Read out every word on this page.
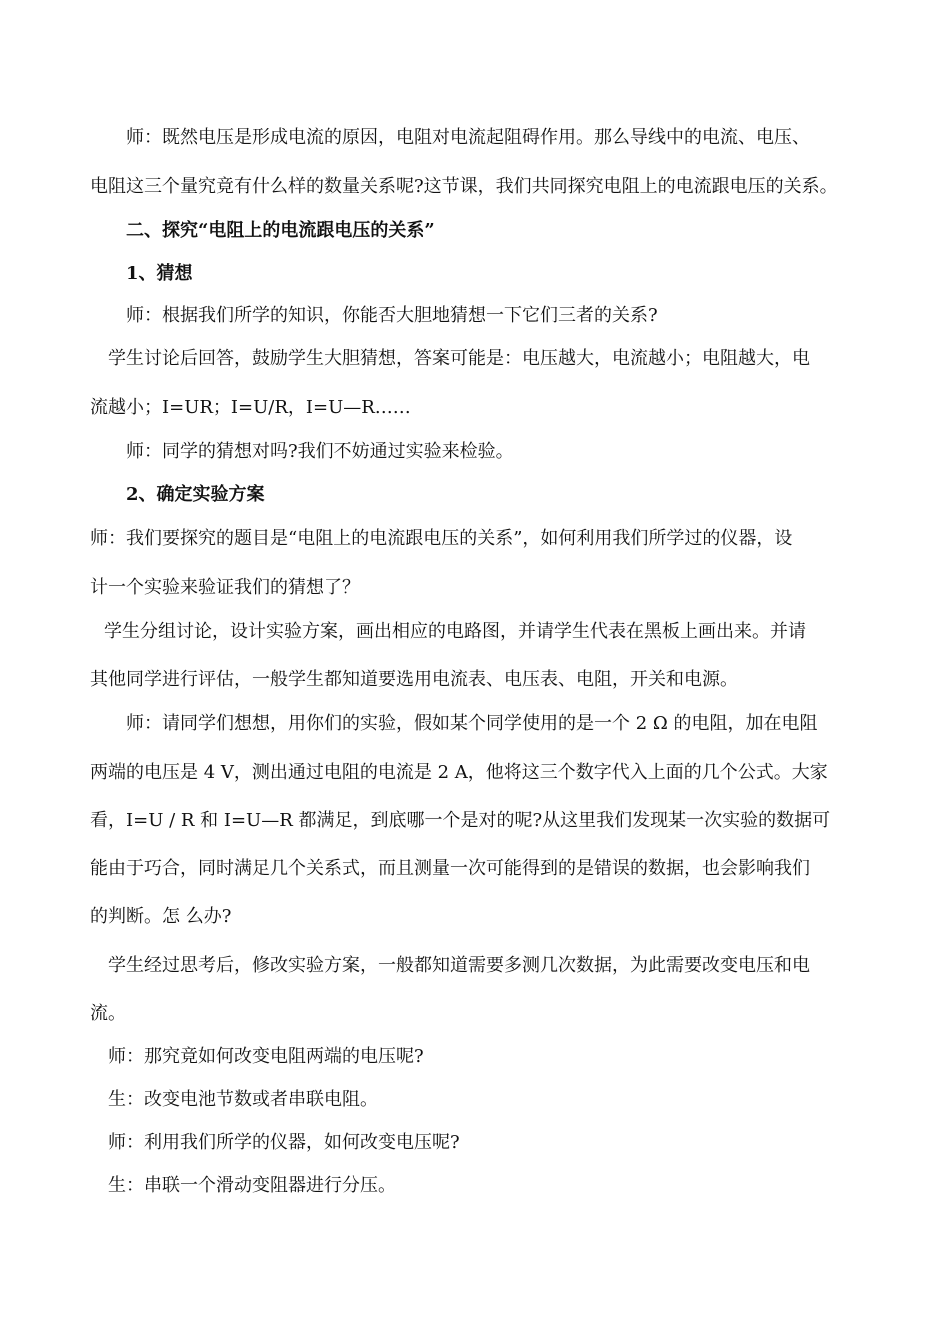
师：既然电压是形成电流的原因，电阻对电流起阻碍作用。那么导线中的电流、电压、
电阻这三个量究竟有什么样的数量关系呢?这节课，我们共同探究电阻上的电流跟电压的关系。
二、探究“电阻上的电流跟电压的关系”
1、猜想
师：根据我们所学的知识，你能否大胆地猜想一下它们三者的关系?
学生讨论后回答，鼓励学生大胆猜想，答案可能是：电压越大，电流越小；电阻越大，电
流越小；I=UR；I=U/R，I=U—R……
师：同学的猜想对吗?我们不妨通过实验来检验。
2、确定实验方案
师：我们要探究的题目是“电阻上的电流跟电压的关系”，如何利用我们所学过的仪器，设
计一个实验来验证我们的猜想了？
学生分组讨论，设计实验方案，画出相应的电路图，并请学生代表在黑板上画出来。并请
其他同学进行评估，一般学生都知道要选用电流表、电压表、电阻，开关和电源。
师：请同学们想想，用你们的实验，假如某个同学使用的是一个 2 Ω 的电阻，加在电阻
两端的电压是 4 V，测出通过电阻的电流是 2 A，他将这三个数字代入上面的几个公式。大家
看，I=U / R 和 I=U—R 都满足，到底哪一个是对的呢?从这里我们发现某一次实验的数据可
能由于巧合，同时满足几个关系式，而且测量一次可能得到的是错误的数据，也会影响我们
的判断。怎 么办?
学生经过思考后，修改实验方案，一般都知道需要多测几次数据，为此需要改变电压和电
流。
师：那究竟如何改变电阻两端的电压呢?
生：改变电池节数或者串联电阻。
师：利用我们所学的仪器，如何改变电压呢?
生：串联一个滑动变阻器进行分压。
